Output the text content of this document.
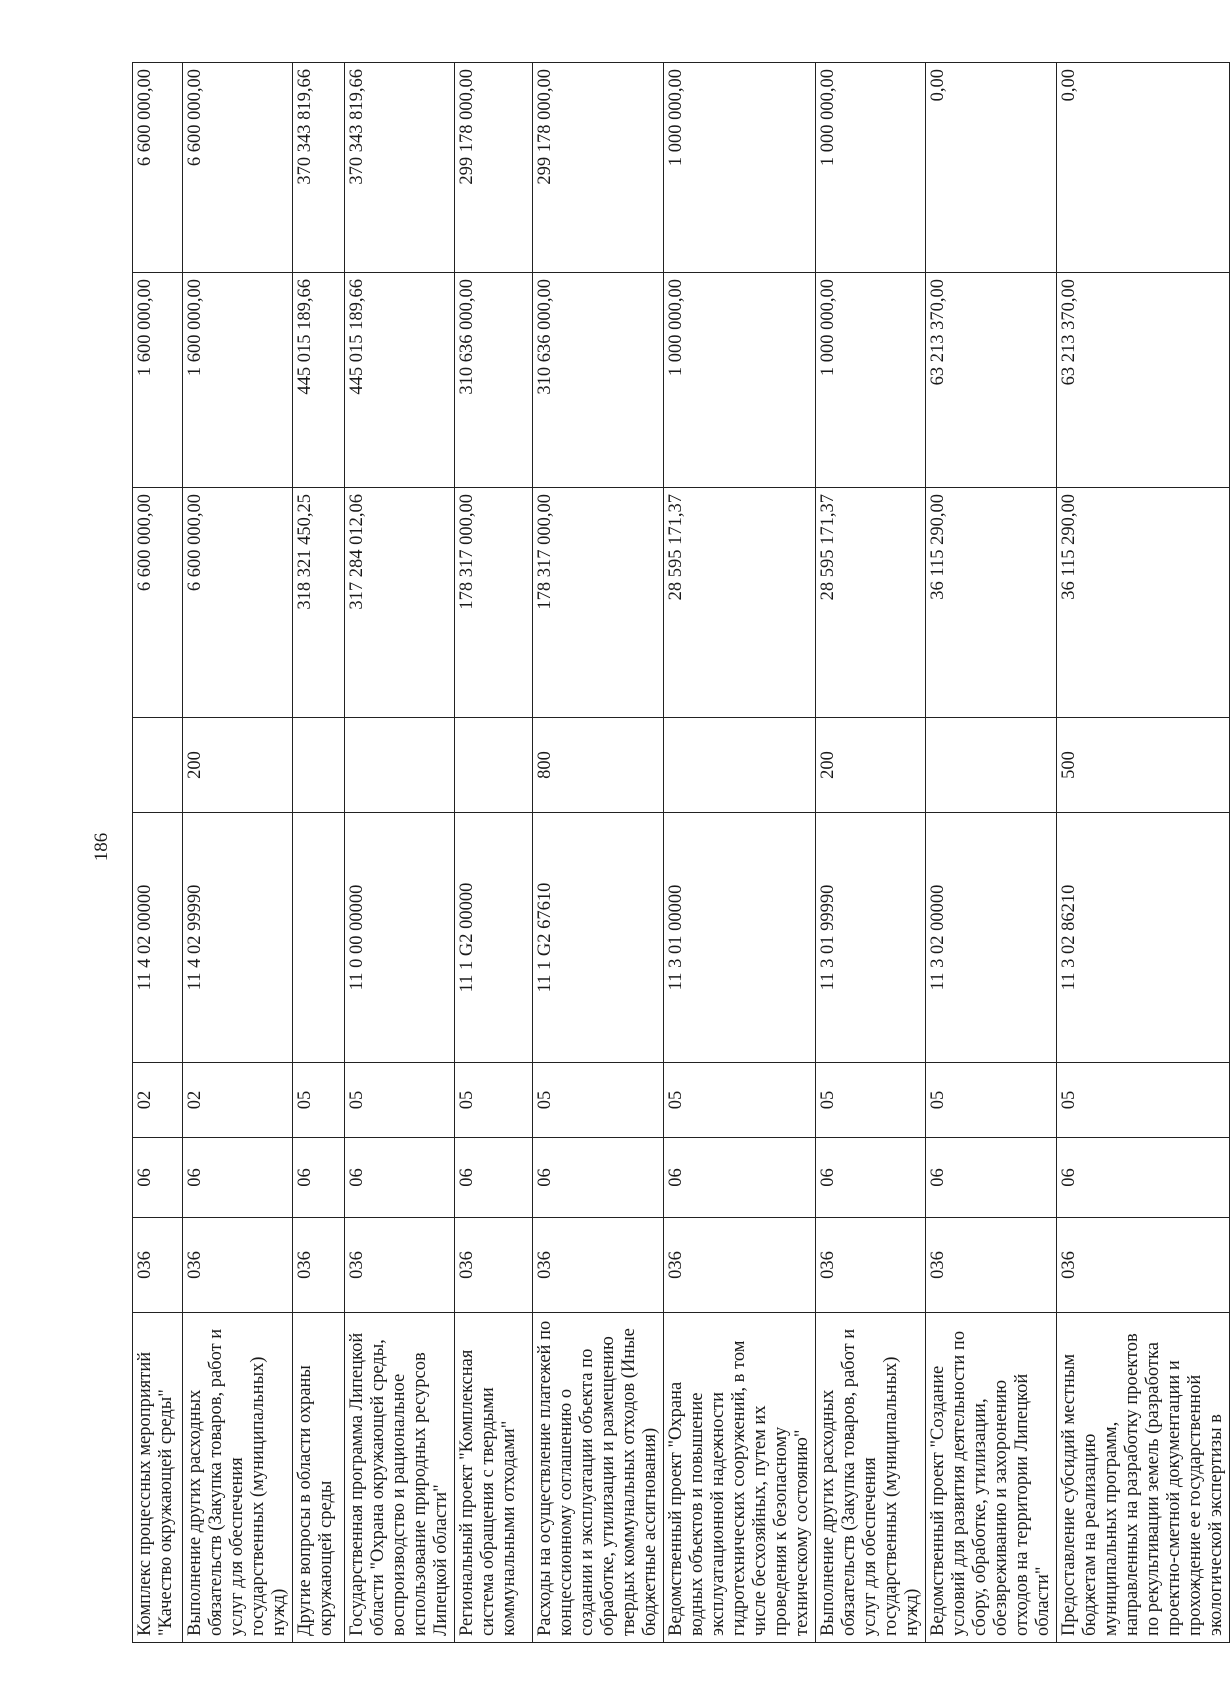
186
Комплекс процессных мероприятий "Качество окружающей среды"	036	06	02	11 4 02 00000		6 600 000,00	1 600 000,00	6 600 000,00
Выполнение других расходных обязательств (Закупка товаров, работ и услуг для обеспечения государственных (муниципальных) нужд)	036	06	02	11 4 02 99990	200	6 600 000,00	1 600 000,00	6 600 000,00
Другие вопросы в области охраны окружающей среды	036	06	05			318 321 450,25	445 015 189,66	370 343 819,66
Государственная программа Липецкой области "Охрана окружающей среды, воспроизводство и рациональное использование природных ресурсов Липецкой области"	036	06	05	11 0 00 00000		317 284 012,06	445 015 189,66	370 343 819,66
Региональный проект "Комплексная система обращения с твердыми коммунальными отходами"	036	06	05	11 1 G2 00000		178 317 000,00	310 636 000,00	299 178 000,00
Расходы на осуществление платежей по концессионному соглашению о создании и эксплуатации объекта по обработке, утилизации и размещению твердых коммунальных отходов (Иные бюджетные ассигнования)	036	06	05	11 1 G2 67610	800	178 317 000,00	310 636 000,00	299 178 000,00
Ведомственный проект "Охрана водных объектов и повышение эксплуатационной надежности гидротехнических сооружений, в том числе бесхозяйных, путем их проведения к безопасному техническому состоянию"	036	06	05	11 3 01 00000		28 595 171,37	1 000 000,00	1 000 000,00
Выполнение других расходных обязательств (Закупка товаров, работ и услуг для обеспечения государственных (муниципальных) нужд)	036	06	05	11 3 01 99990	200	28 595 171,37	1 000 000,00	1 000 000,00
Ведомственный проект "Создание условий для развития деятельности по сбору, обработке, утилизации, обезвреживанию и захоронению отходов на территории Липецкой области"	036	06	05	11 3 02 00000		36 115 290,00	63 213 370,00	0,00
Предоставление субсидий местным бюджетам на реализацию муниципальных программ, направленных на разработку проектов по рекультивации земель (разработка проектно-сметной документации и прохождение ее государственной экологической экспертизы в	036	06	05	11 3 02 86210	500	36 115 290,00	63 213 370,00	0,00
